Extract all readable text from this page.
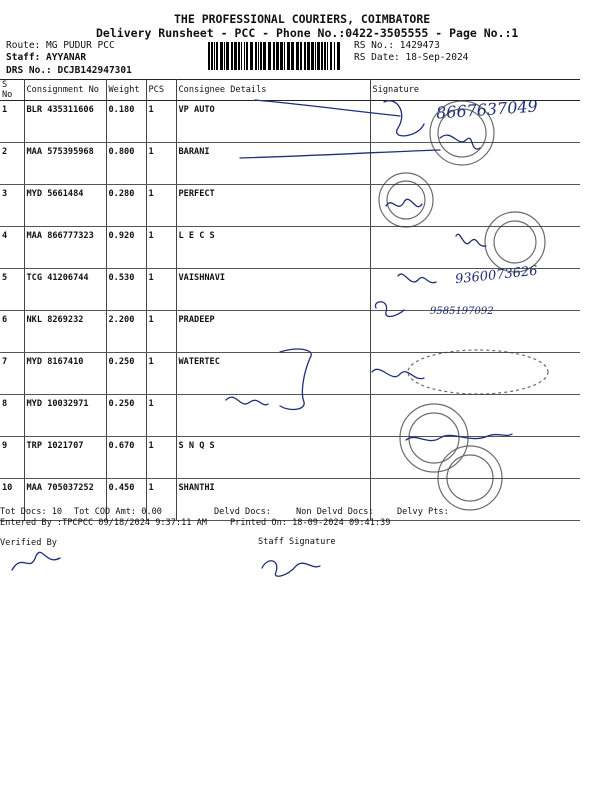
THE PROFESSIONAL COURIERS, COIMBATORE
Delivery Runsheet - PCC - Phone No.:0422-3505555 - Page No.:1
Route: MG PUDUR PCC
Staff: AYYANAR
DRS No.: DCJB142947301
RS No.: 1429473
RS Date: 18-Sep-2024
S No	Consignment No	Weight	PCS	Consignee Details	Signature
1	BLR 435311606	0.180	1	VP AUTO	
2	MAA 575395968	0.800	1	BARANI	
3	MYD 5661484	0.280	1	PERFECT	
4	MAA 866777323	0.920	1	L E C S	
5	TCG 41206744	0.530	1	VAISHNAVI	
6	NKL 8269232	2.200	1	PRADEEP	
7	MYD 8167410	0.250	1	WATERTEC	
8	MYD 10032971	0.250	1		
9	TRP 1021707	0.670	1	S N Q S	
10	MAA 705037252	0.450	1	SHANTHI	
Tot Docs: 10 Tot COD Amt: 0.00	Delvd Docs:	Non Delvd Docs:	Delvy Pts:
Entered By :TPCPCC 09/18/2024 9:37:11 AM	Printed On: 18-09-2024 09:41:39
Verified By	Staff Signature
8667637049
9360073626
9585197092
